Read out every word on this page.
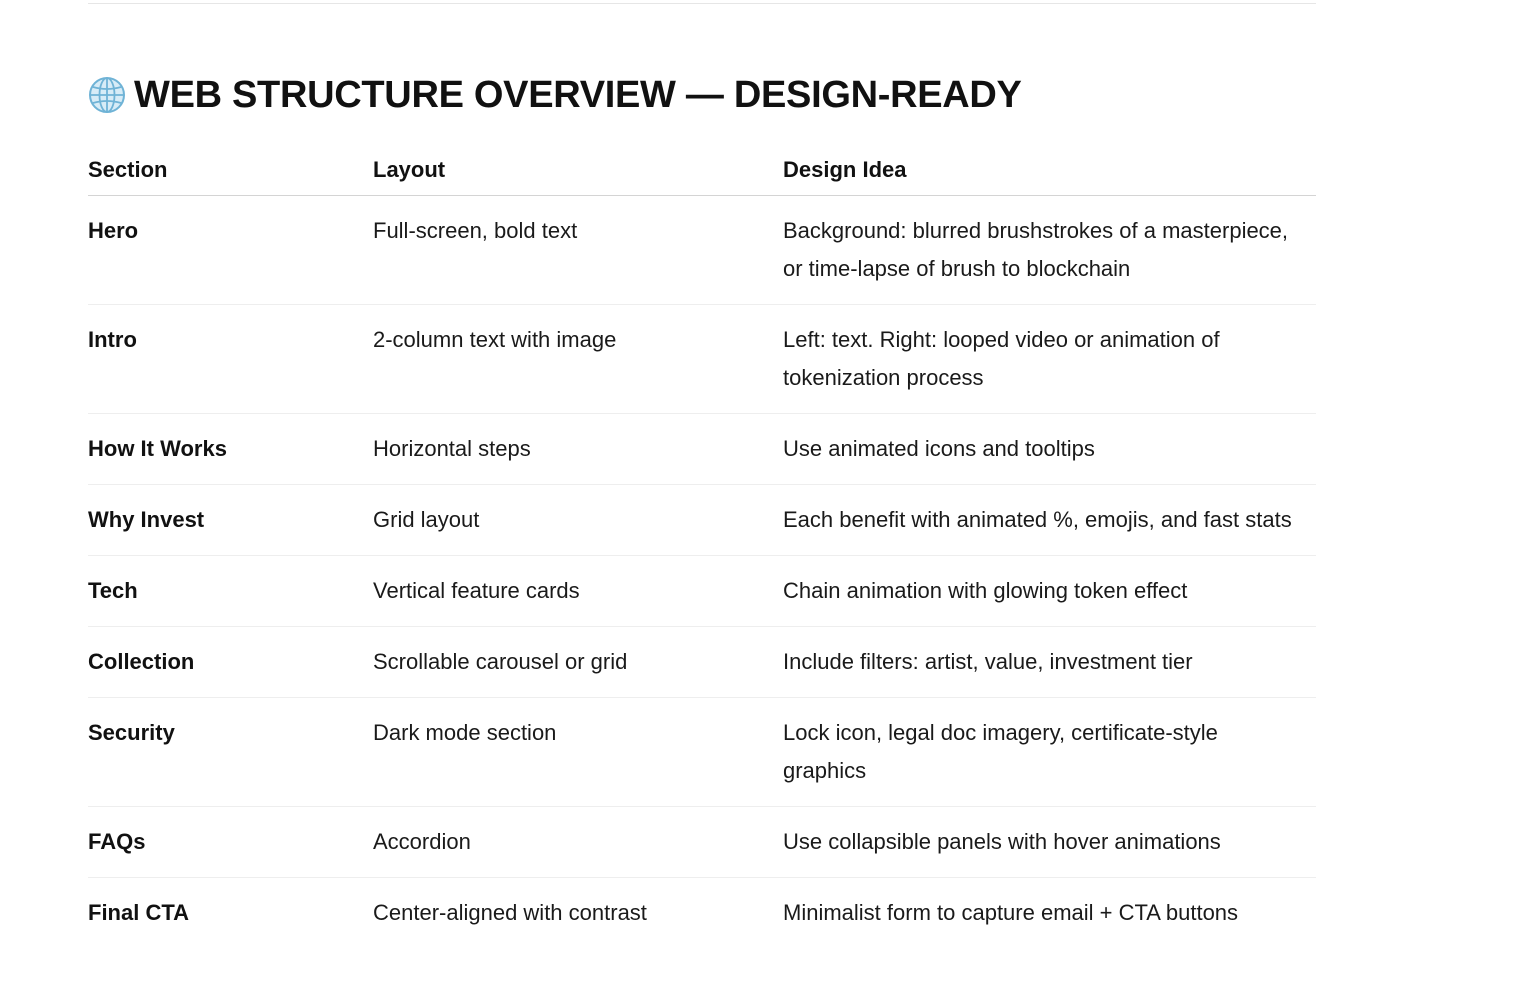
WEB STRUCTURE OVERVIEW — DESIGN-READY
Section	Layout	Design Idea
Hero	Full-screen, bold text	Background: blurred brushstrokes of a masterpiece, or time-lapse of brush to blockchain
Intro	2-column text with image	Left: text. Right: looped video or animation of tokenization process
How It Works	Horizontal steps	Use animated icons and tooltips
Why Invest	Grid layout	Each benefit with animated %, emojis, and fast stats
Tech	Vertical feature cards	Chain animation with glowing token effect
Collection	Scrollable carousel or grid	Include filters: artist, value, investment tier
Security	Dark mode section	Lock icon, legal doc imagery, certificate-style graphics
FAQs	Accordion	Use collapsible panels with hover animations
Final CTA	Center-aligned with contrast	Minimalist form to capture email + CTA buttons
